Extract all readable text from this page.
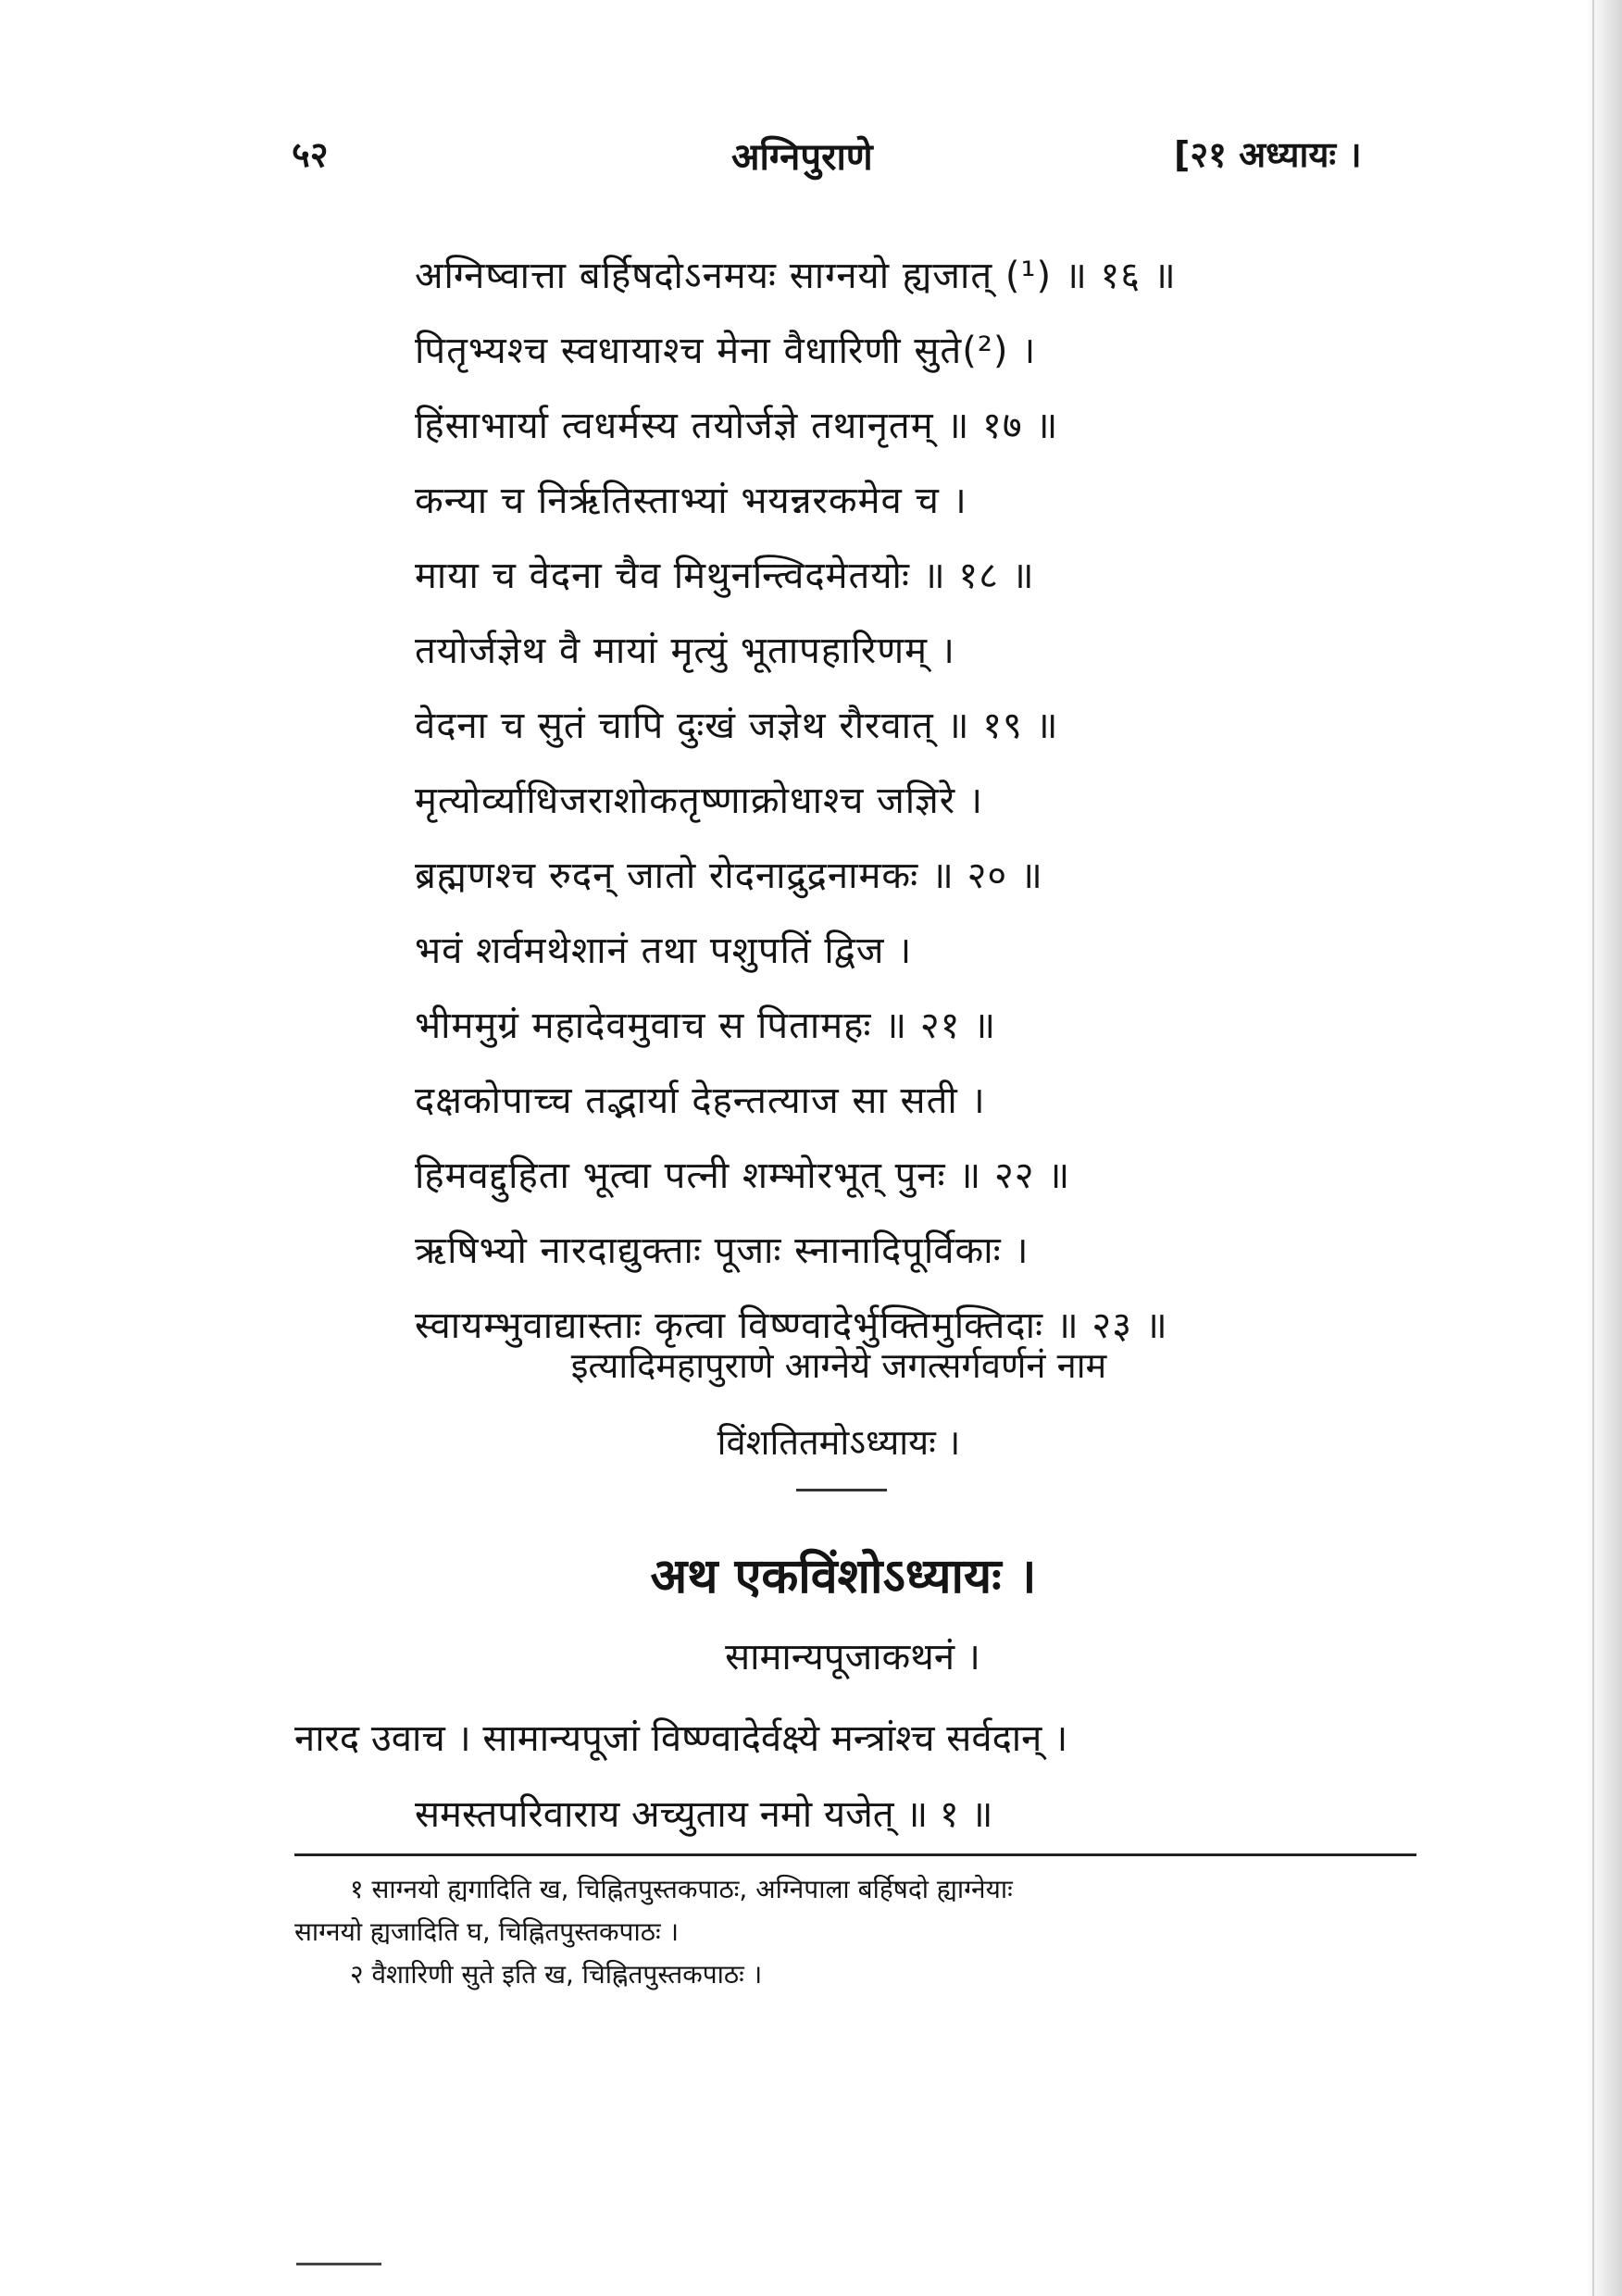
५२	अग्निपुराणे	[२१ अध्यायः ।
अग्निष्वात्ता बर्हिषदोऽनमयः साग्नयो ह्यजात् (¹) ॥ १६ ॥
पितृभ्यश्च स्वधायाश्च मेना वैधारिणी सुते(²) ।
हिंसाभार्या त्वधर्मस्य तयोर्जज्ञे तथानृतम् ॥ १७ ॥
कन्या च निर्ऋतिस्ताभ्यां भयन्नरकमेव च ।
माया च वेदना चैव मिथुनन्त्विदमेतयोः ॥ १८ ॥
तयोर्जज्ञेथ वै मायां मृत्युं भूतापहारिणम् ।
वेदना च सुतं चापि दुःखं जज्ञेथ रौरवात् ॥ १९ ॥
मृत्योर्व्याधिजराशोकतृष्णाक्रोधाश्च जज्ञिरे ।
ब्रह्मणश्च रुदन् जातो रोदनाद्रुद्रनामकः ॥ २० ॥
भवं शर्वमथेशानं तथा पशुपतिं द्विज ।
भीममुग्रं महादेवमुवाच स पितामहः ॥ २१ ॥
दक्षकोपाच्च तद्भार्या देहन्तत्याज सा सती ।
हिमवद्दुहिता भूत्वा पत्नी शम्भोरभूत् पुनः ॥ २२ ॥
ऋषिभ्यो नारदाद्युक्ताः पूजाः स्नानादिपूर्विकाः ।
स्वायम्भुवाद्यास्ताः कृत्वा विष्ण्वादेर्भुक्तिमुक्तिदाः ॥ २३ ॥
इत्यादिमहापुराणे आग्नेये जगत्सर्गवर्णनं नाम
विंशतितमोऽध्यायः ।
अथ एकविंशोऽध्यायः ।
सामान्यपूजाकथनं ।
नारद उवाच । सामान्यपूजां विष्ण्वादेर्वक्ष्ये मन्त्रांश्च सर्वदान् ।
समस्तपरिवाराय अच्युताय नमो यजेत् ॥ १ ॥
१ साग्नयो ह्यगादिति ख, चिह्नितपुस्तकपाठः, अग्निपाला बर्हिषदो ह्याग्नेयाः
साग्नयो ह्यजादिति घ, चिह्नितपुस्तकपाठः ।
२ वैशारिणी सुते इति ख, चिह्नितपुस्तकपाठः ।
